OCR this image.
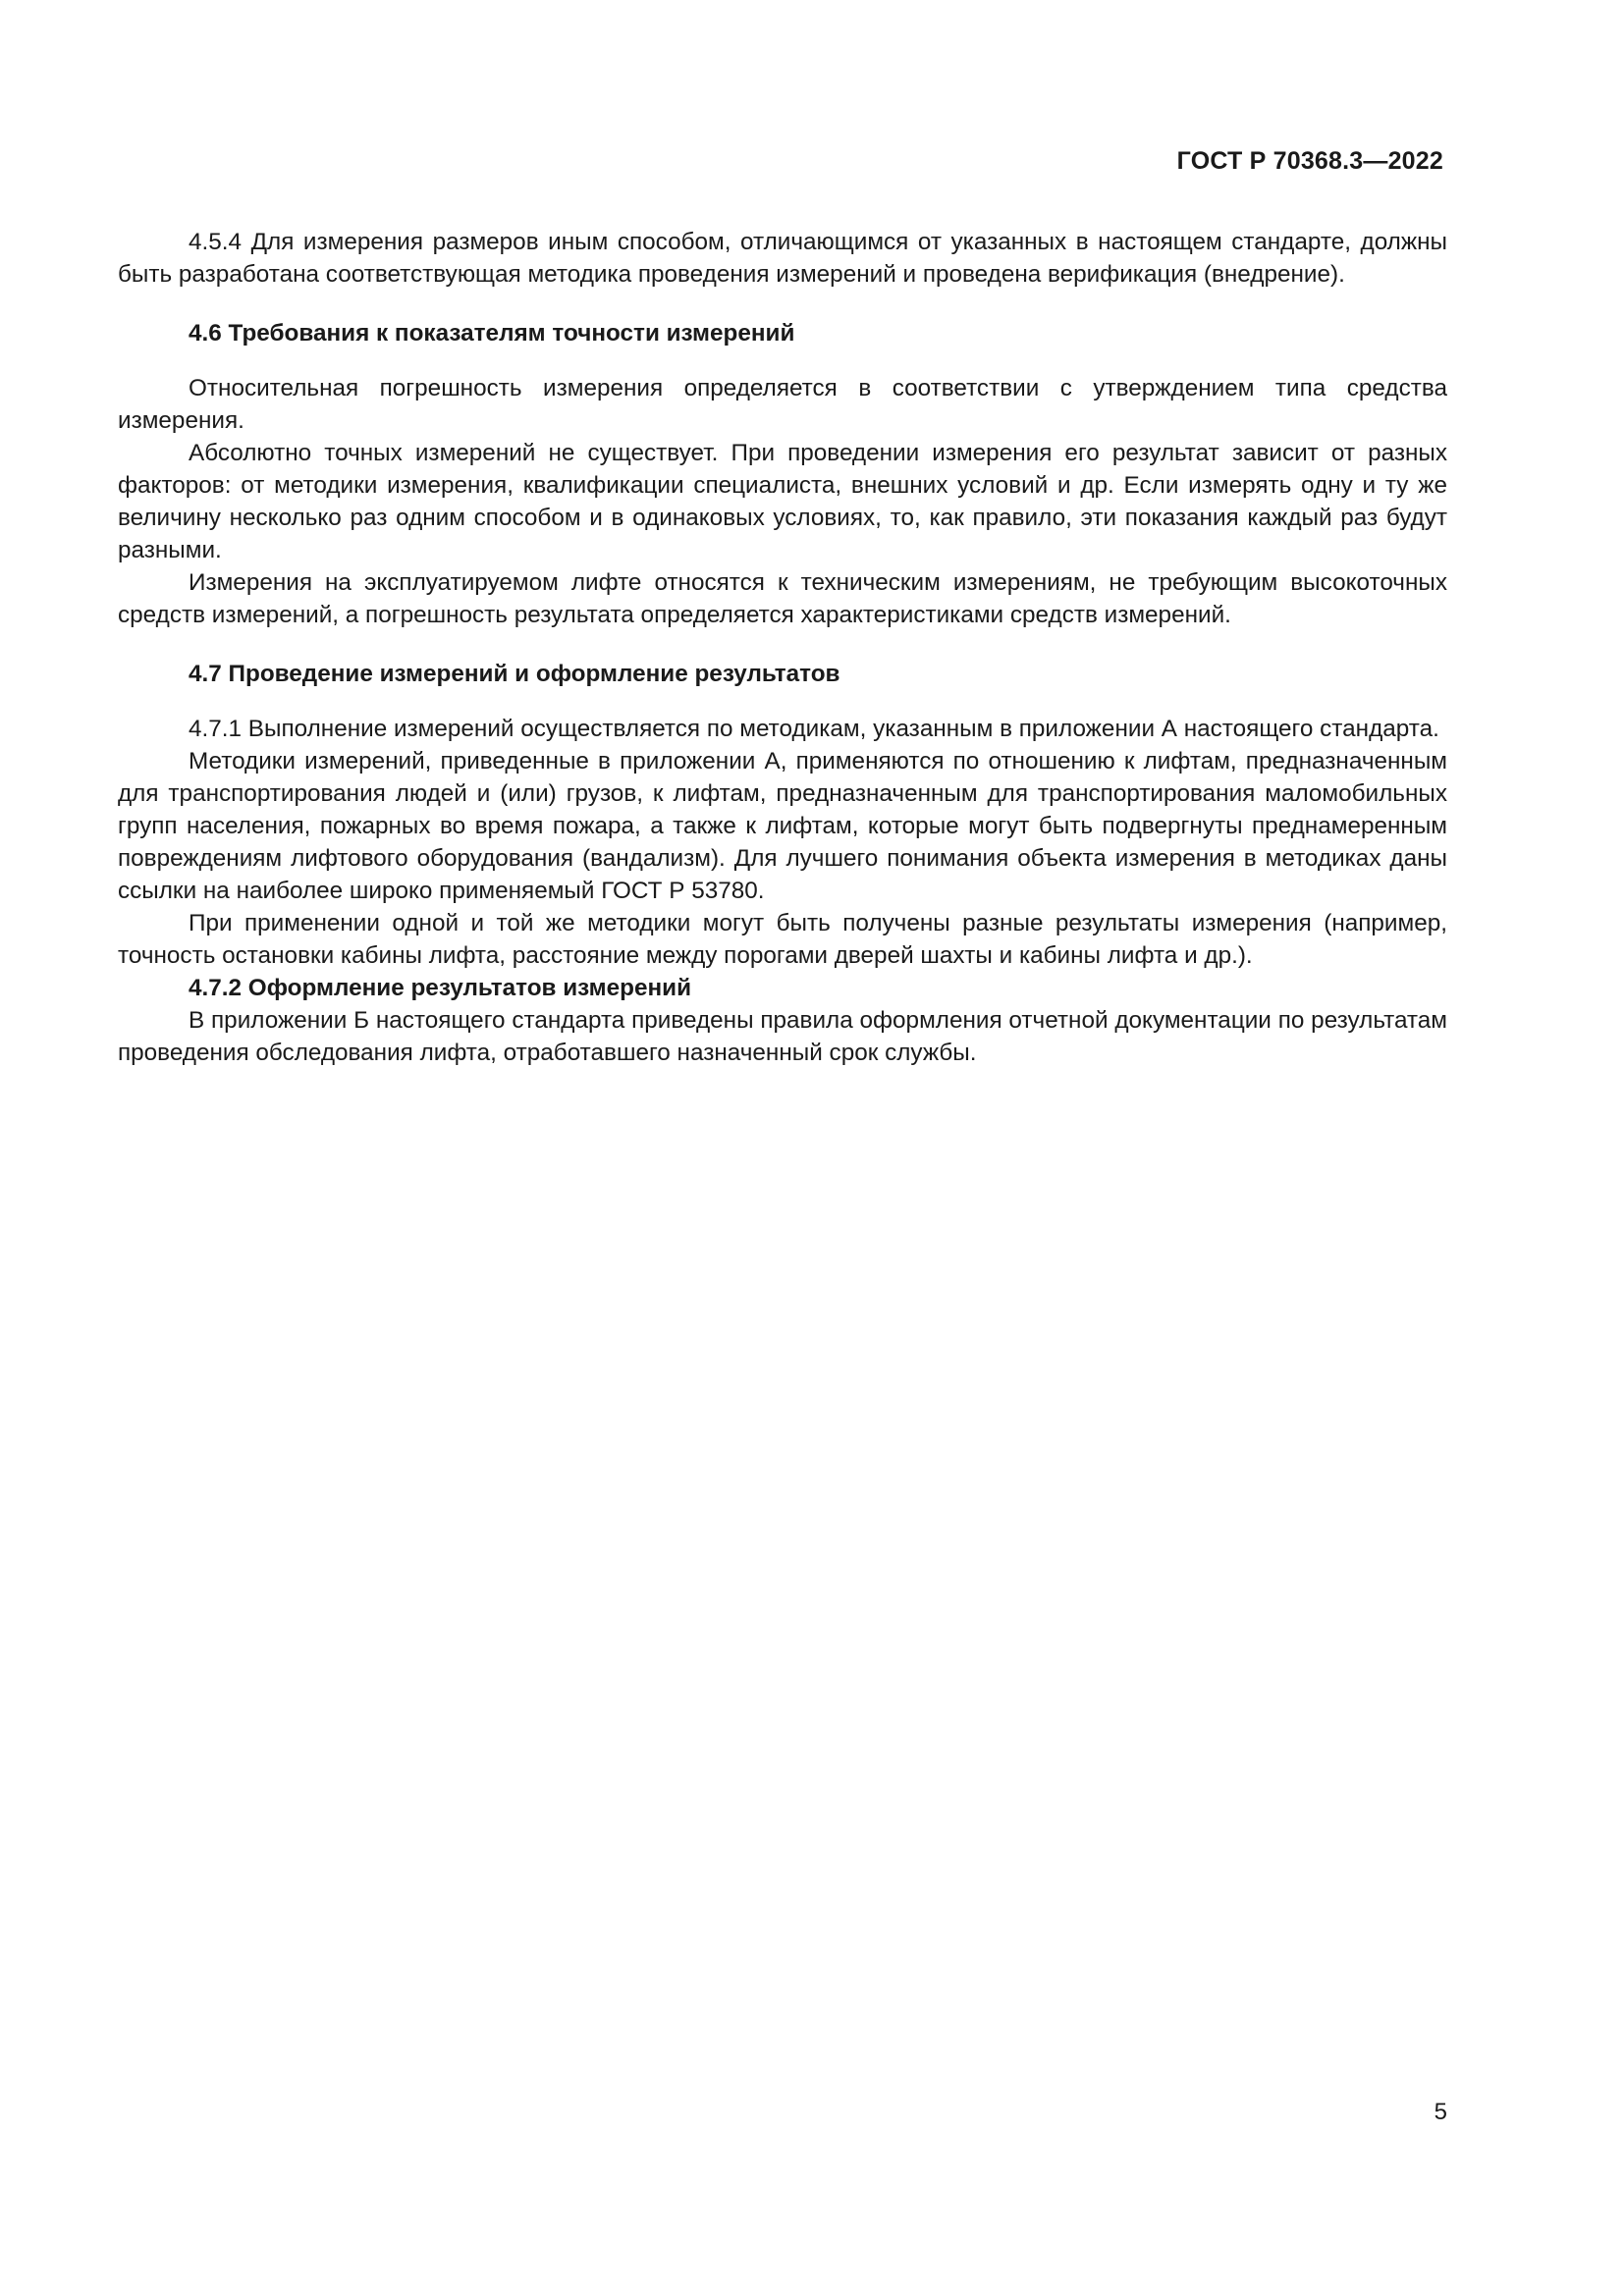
ГОСТ Р 70368.3—2022

4.5.4 Для измерения размеров иным способом, отличающимся от указанных в настоящем стандарте, должны быть разработана соответствующая методика проведения измерений и проведена верификация (внедрение).

4.6 Требования к показателям точности измерений

Относительная погрешность измерения определяется в соответствии с утверждением типа средства измерения.

Абсолютно точных измерений не существует. При проведении измерения его результат зависит от разных факторов: от методики измерения, квалификации специалиста, внешних условий и др. Если измерять одну и ту же величину несколько раз одним способом и в одинаковых условиях, то, как правило, эти показания каждый раз будут разными.

Измерения на эксплуатируемом лифте относятся к техническим измерениям, не требующим высокоточных средств измерений, а погрешность результата определяется характеристиками средств измерений.

4.7 Проведение измерений и оформление результатов

4.7.1 Выполнение измерений осуществляется по методикам, указанным в приложении А настоящего стандарта.

Методики измерений, приведенные в приложении А, применяются по отношению к лифтам, предназначенным для транспортирования людей и (или) грузов, к лифтам, предназначенным для транспортирования маломобильных групп населения, пожарных во время пожара, а также к лифтам, которые могут быть подвергнуты преднамеренным повреждениям лифтового оборудования (вандализм). Для лучшего понимания объекта измерения в методиках даны ссылки на наиболее широко применяемый ГОСТ Р 53780.

При применении одной и той же методики могут быть получены разные результаты измерения (например, точность остановки кабины лифта, расстояние между порогами дверей шахты и кабины лифта и др.).

4.7.2 Оформление результатов измерений

В приложении Б настоящего стандарта приведены правила оформления отчетной документации по результатам проведения обследования лифта, отработавшего назначенный срок службы.

5
